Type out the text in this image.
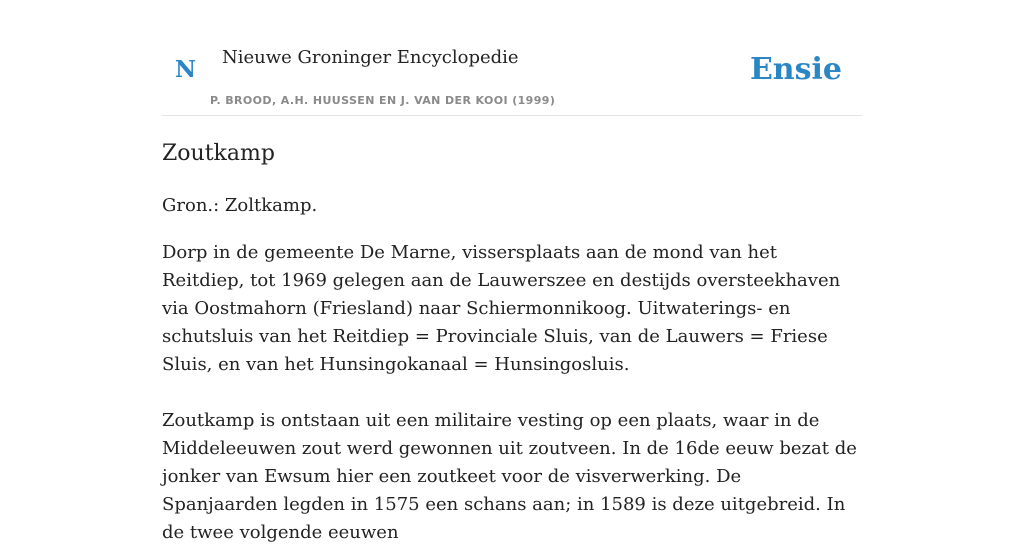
N Nieuwe Groninger Encyclopedie
P. BROOD, A.H. HUUSSEN EN J. VAN DER KOOI (1999)
Ensie
Zoutkamp

Gron.: Zoltkamp.

Dorp in de gemeente De Marne, vissersplaats aan de mond van het Reitdiep, tot 1969 gelegen aan de Lauwerszee en destijds oversteekhaven via Oostmahorn (Friesland) naar Schiermonnikoog. Uitwaterings- en schutsluis van het Reitdiep = Provinciale Sluis, van de Lauwers = Friese Sluis, en van het Hunsingokanaal = Hunsingosluis.

Zoutkamp is ontstaan uit een militaire vesting op een plaats, waar in de Middeleeuwen zout werd gewonnen uit zoutveen. In de 16de eeuw bezat de jonker van Ewsum hier een zoutkeet voor de visverwerking. De Spanjaarden legden in 1575 een schans aan; in 1589 is deze uitgebreid. In de twee volgende eeuwen
